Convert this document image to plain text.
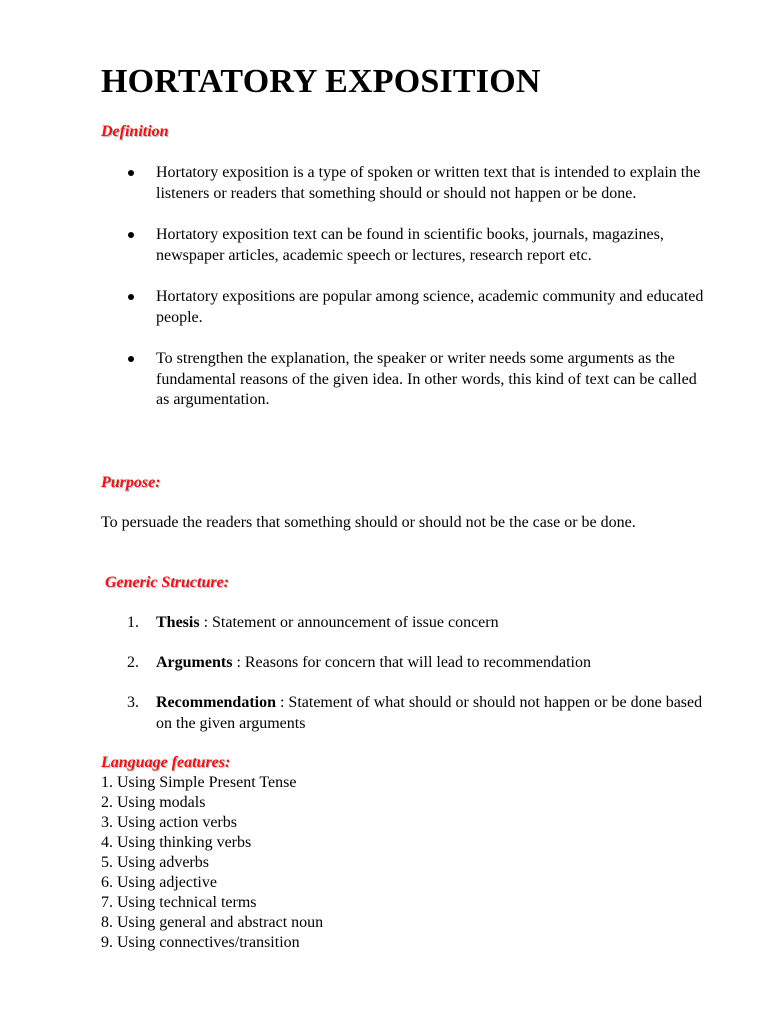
HORTATORY EXPOSITION
Definition
Hortatory exposition is a type of spoken or written text that is intended to explain the listeners or readers that something should or should not happen or be done.
Hortatory exposition text can be found in scientific books, journals, magazines, newspaper articles, academic speech or lectures, research report etc.
Hortatory expositions are popular among science, academic community and educated people.
To strengthen the explanation, the speaker or writer needs some arguments as the fundamental reasons of the given idea. In other words, this kind of text can be called as argumentation.
Purpose:

To persuade the readers that something should or should not be the case or be done.

Generic Structure:
1. Thesis : Statement or announcement of issue concern
2. Arguments : Reasons for concern that will lead to recommendation
3. Recommendation : Statement of what should or should not happen or be done based on the given arguments
Language features:
1. Using Simple Present Tense
2. Using modals
3. Using action verbs
4. Using thinking verbs
5. Using adverbs
6. Using adjective
7. Using technical terms
8. Using general and abstract noun
9. Using connectives/transition
